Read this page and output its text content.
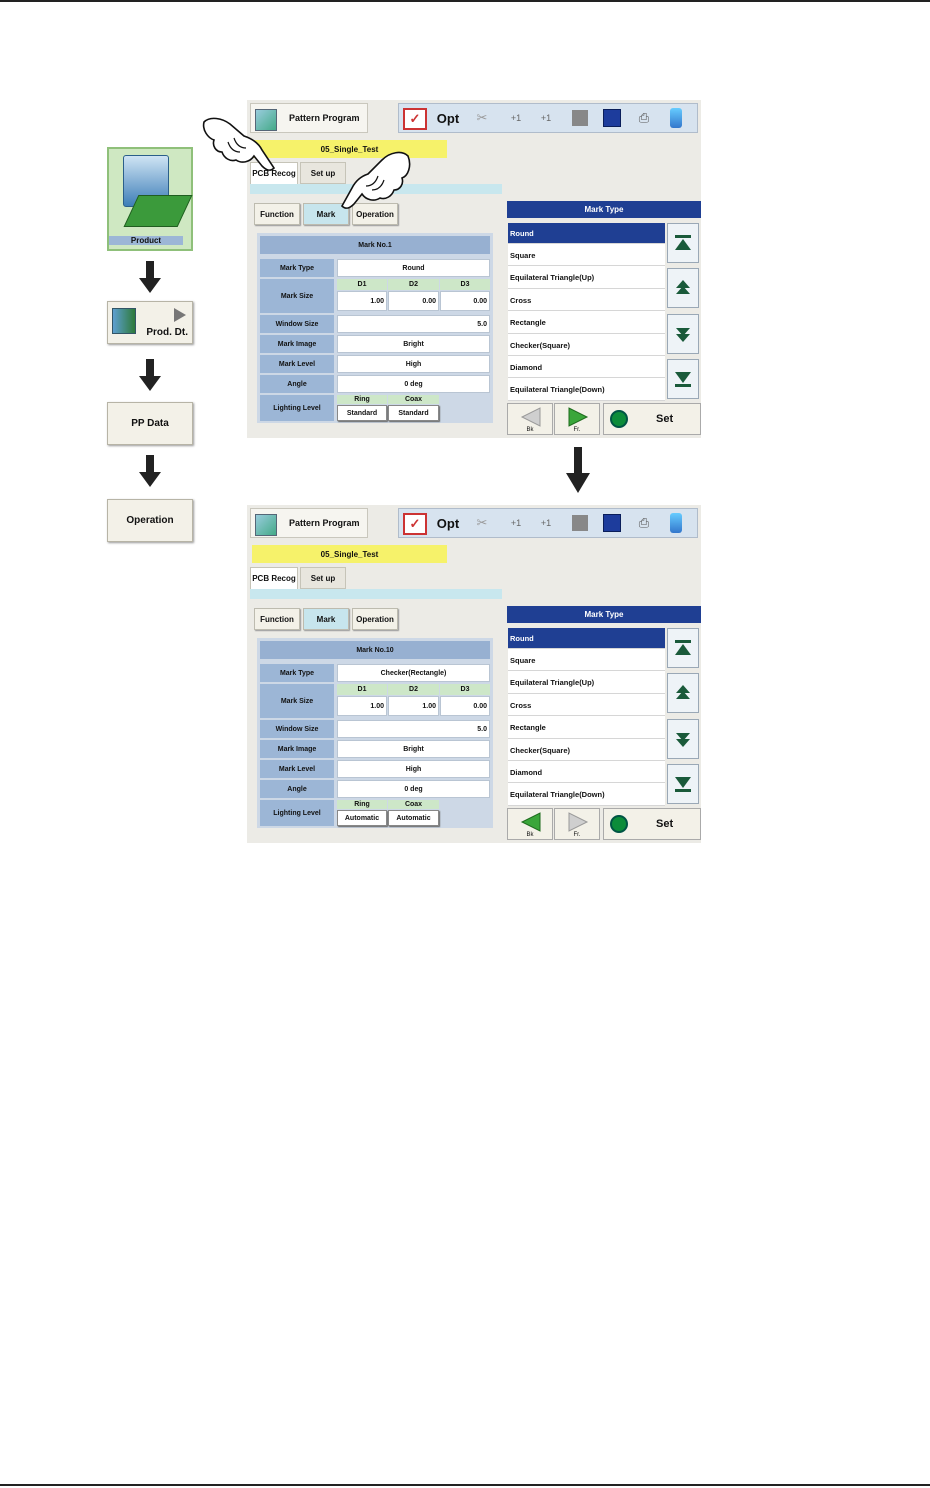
Product
Prod. Dt.
PP Data
Operation
Pattern Program	✓	Opt	✂	+1	+1	⎙
05_Single_Test
PCB Recog	Set up
Function	Mark	Operation
Mark No.1
Mark Type	Round
Mark Size
D1	D2	D3
1.00	0.00	0.00
Window Size	5.0
Mark Image	Bright
Mark Level	High
Angle	0 deg
Lighting Level
Ring	Coax
Standard	Standard
Mark Type
Round
Square
Equilateral Triangle(Up)
Cross
Rectangle
Checker(Square)
Diamond
Equilateral Triangle(Down)
Bk	Fr.
Set
Pattern Program	✓	Opt	✂	+1	+1	⎙
05_Single_Test
PCB Recog	Set up
Function	Mark	Operation
Mark No.10
Mark Type	Checker(Rectangle)
Mark Size
D1	D2	D3
1.00	1.00	0.00
Window Size	5.0
Mark Image	Bright
Mark Level	High
Angle	0 deg
Lighting Level
Ring	Coax
Automatic	Automatic
Mark Type
Round
Square
Equilateral Triangle(Up)
Cross
Rectangle
Checker(Square)
Diamond
Equilateral Triangle(Down)
Bk	Fr.
Set
